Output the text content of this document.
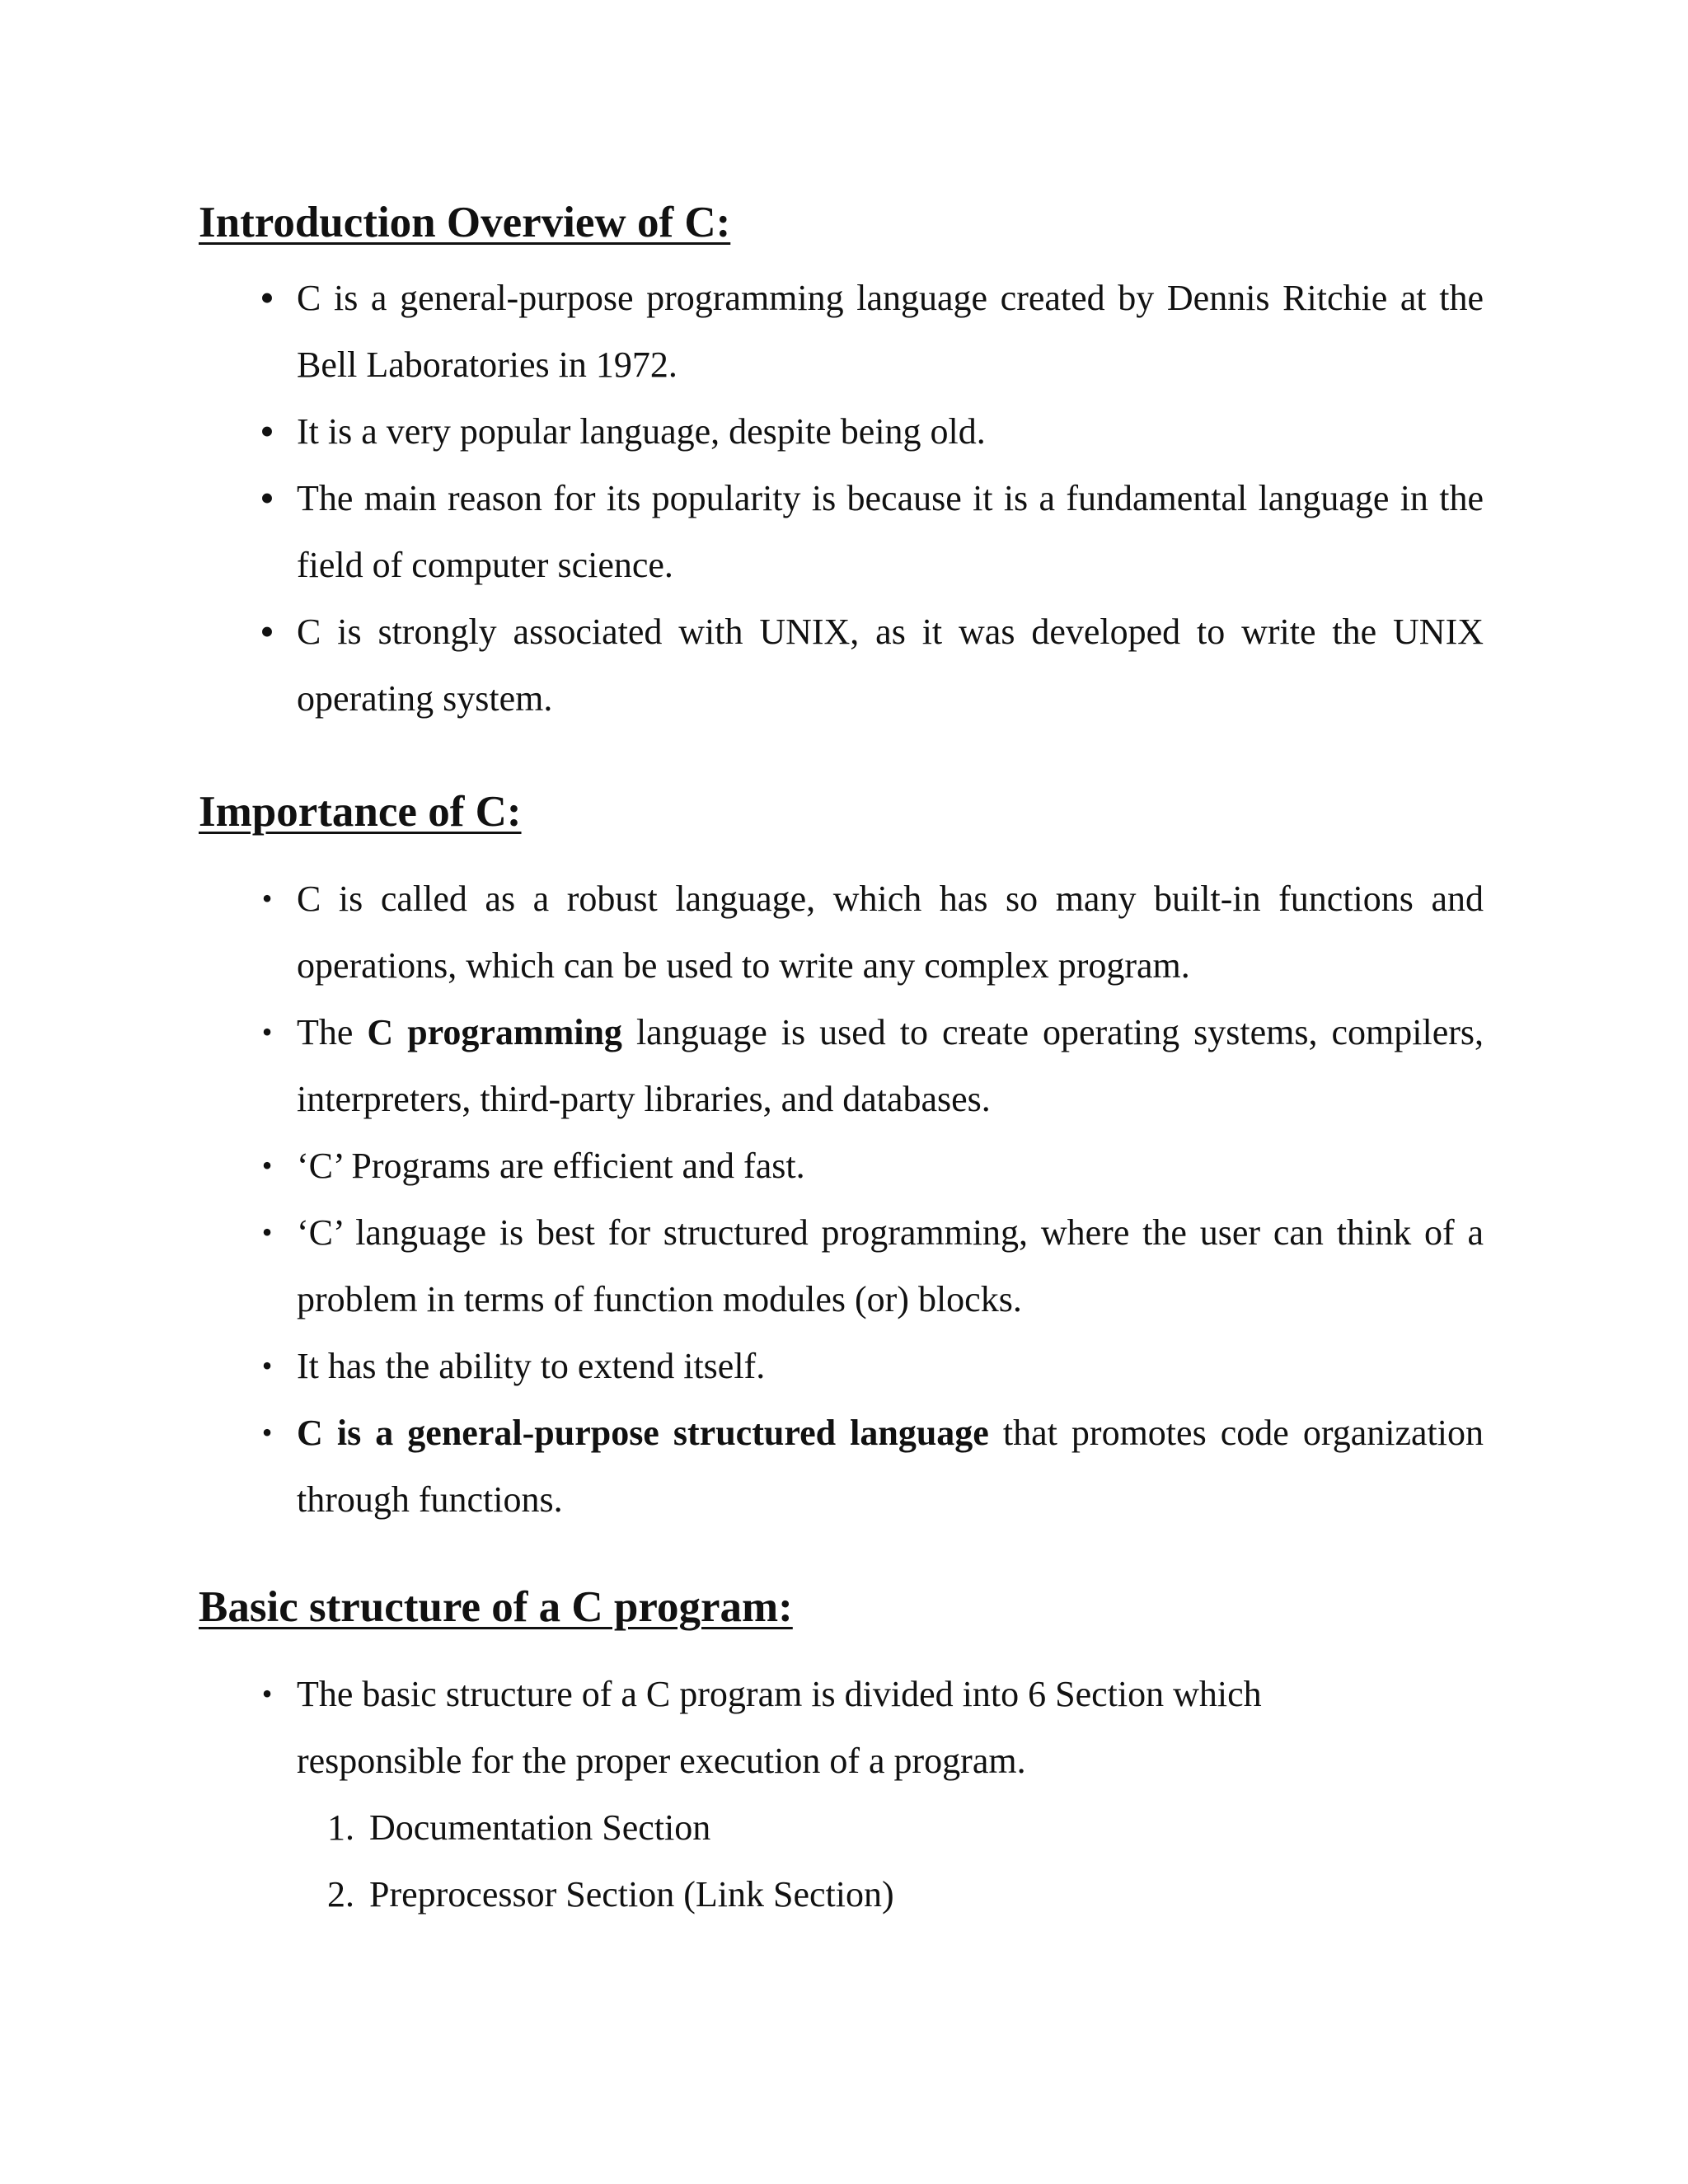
Introduction Overview of C:
• C is a general-purpose programming language created by Dennis Ritchie at the Bell Laboratories in 1972.
• It is a very popular language, despite being old.
• The main reason for its popularity is because it is a fundamental language in the field of computer science.
• C is strongly associated with UNIX, as it was developed to write the UNIX operating system.
Importance of C:
• C is called as a robust language, which has so many built-in functions and operations, which can be used to write any complex program.
• The C programming language is used to create operating systems, compilers, interpreters, third-party libraries, and databases.
• ‘C’ Programs are efficient and fast.
• ‘C’ language is best for structured programming, where the user can think of a problem in terms of function modules (or) blocks.
• It has the ability to extend itself.
• C is a general-purpose structured language that promotes code organization through functions.
Basic structure of a C program:
• The basic structure of a C program is divided into 6 Section which responsible for the proper execution of a program.
1. Documentation Section
2. Preprocessor Section (Link Section)
